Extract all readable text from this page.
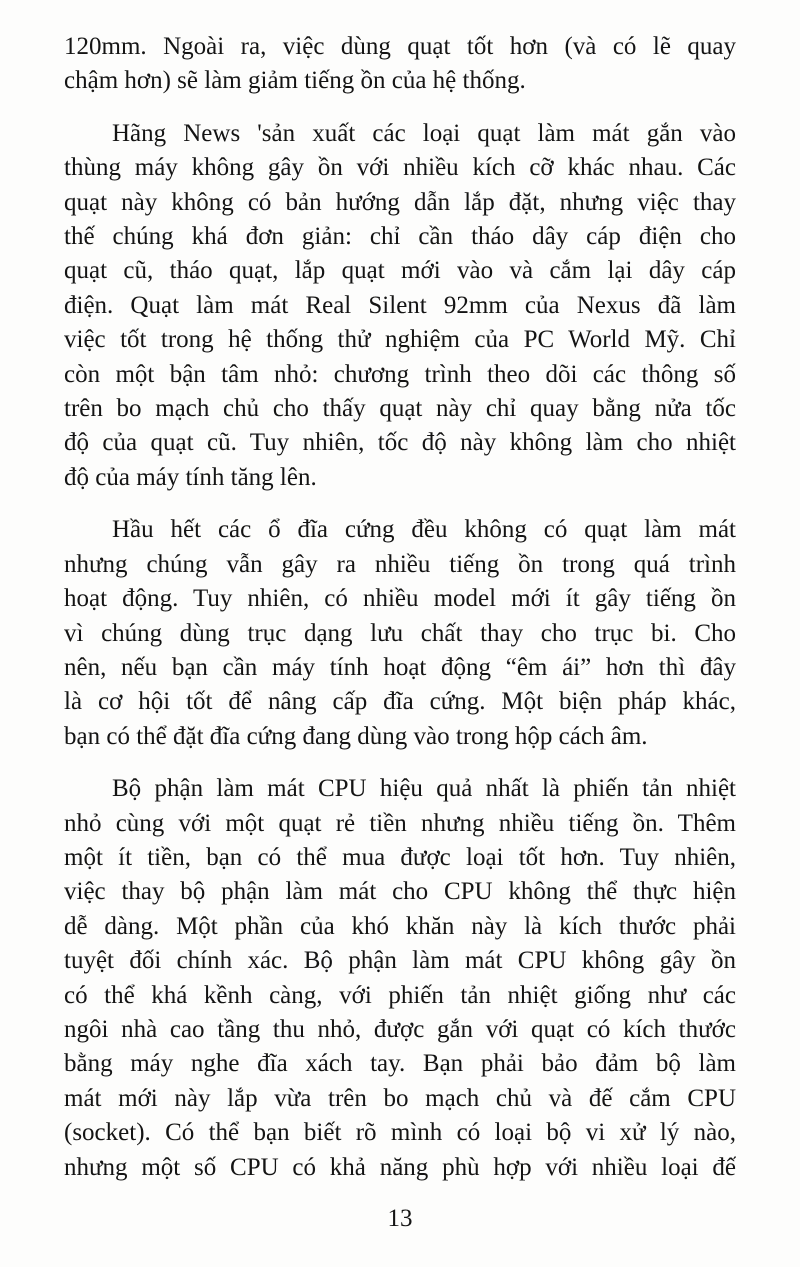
120mm. Ngoài ra, việc dùng quạt tốt hơn (và có lẽ quay
chậm hơn) sẽ làm giảm tiếng ồn của hệ thống.
Hãng News 'sản xuất các loại quạt làm mát gắn vào
thùng máy không gây ồn với nhiều kích cỡ khác nhau. Các
quạt này không có bản hướng dẫn lắp đặt, nhưng việc thay
thế chúng khá đơn giản: chỉ cần tháo dây cáp điện cho
quạt cũ, tháo quạt, lắp quạt mới vào và cắm lại dây cáp
điện. Quạt làm mát Real Silent 92mm của Nexus đã làm
việc tốt trong hệ thống thử nghiệm của PC World Mỹ. Chỉ
còn một bận tâm nhỏ: chương trình theo dõi các thông số
trên bo mạch chủ cho thấy quạt này chỉ quay bằng nửa tốc
độ của quạt cũ. Tuy nhiên, tốc độ này không làm cho nhiệt
độ của máy tính tăng lên.
Hầu hết các ổ đĩa cứng đều không có quạt làm mát
nhưng chúng vẫn gây ra nhiều tiếng ồn trong quá trình
hoạt động. Tuy nhiên, có nhiều model mới ít gây tiếng ồn
vì chúng dùng trục dạng lưu chất thay cho trục bi. Cho
nên, nếu bạn cần máy tính hoạt động “êm ái” hơn thì đây
là cơ hội tốt để nâng cấp đĩa cứng. Một biện pháp khác,
bạn có thể đặt đĩa cứng đang dùng vào trong hộp cách âm.
Bộ phận làm mát CPU hiệu quả nhất là phiến tản nhiệt
nhỏ cùng với một quạt rẻ tiền nhưng nhiều tiếng ồn. Thêm
một ít tiền, bạn có thể mua được loại tốt hơn. Tuy nhiên,
việc thay bộ phận làm mát cho CPU không thể thực hiện
dễ dàng. Một phần của khó khăn này là kích thước phải
tuyệt đối chính xác. Bộ phận làm mát CPU không gây ồn
có thể khá kềnh càng, với phiến tản nhiệt giống như các
ngôi nhà cao tầng thu nhỏ, được gắn với quạt có kích thước
bằng máy nghe đĩa xách tay. Bạn phải bảo đảm bộ làm
mát mới này lắp vừa trên bo mạch chủ và đế cắm CPU
(socket). Có thể bạn biết rõ mình có loại bộ vi xử lý nào,
nhưng một số CPU có khả năng phù hợp với nhiều loại đế
13
